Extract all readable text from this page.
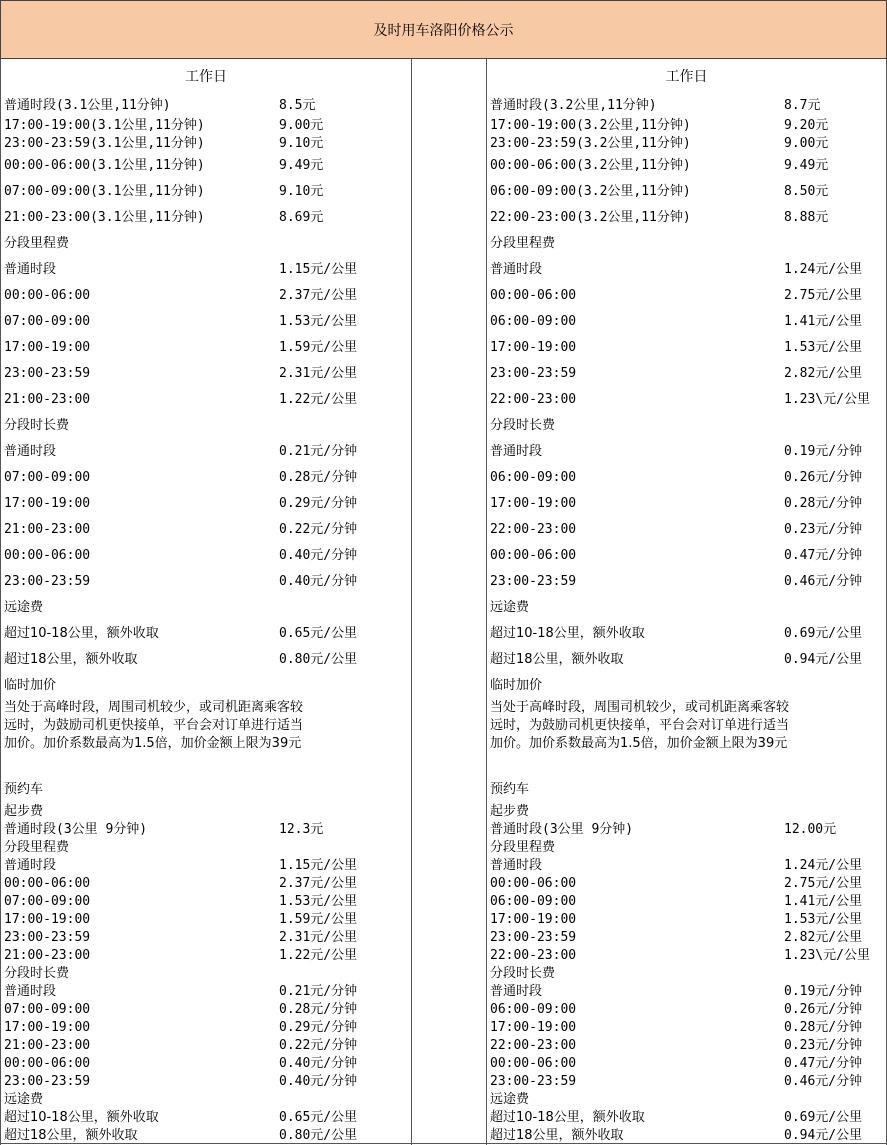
及时用车洛阳价格公示
工作日
普通时段(3.1公里,11分钟)	8.5元
17:00-19:00(3.1公里,11分钟)	9.00元
23:00-23:59(3.1公里,11分钟)	9.10元
00:00-06:00(3.1公里,11分钟)	9.49元
07:00-09:00(3.1公里,11分钟)	9.10元
21:00-23:00(3.1公里,11分钟)	8.69元
分段里程费
普通时段	1.15元/公里
00:00-06:00	2.37元/公里
07:00-09:00	1.53元/公里
17:00-19:00	1.59元/公里
23:00-23:59	2.31元/公里
21:00-23:00	1.22元/公里
分段时长费
普通时段	0.21元/分钟
07:00-09:00	0.28元/分钟
17:00-19:00	0.29元/分钟
21:00-23:00	0.22元/分钟
00:00-06:00	0.40元/分钟
23:00-23:59	0.40元/分钟
远途费
超过10-18公里，额外收取	0.65元/公里
超过18公里，额外收取	0.80元/公里
临时加价
当处于高峰时段，周围司机较少，或司机距离乘客较
远时，为鼓励司机更快接单，平台会对订单进行适当
加价。加价系数最高为1.5倍，加价金额上限为39元
预约车
起步费
普通时段(3公里 9分钟)	12.3元
分段里程费
普通时段	1.15元/公里
00:00-06:00	2.37元/公里
07:00-09:00	1.53元/公里
17:00-19:00	1.59元/公里
23:00-23:59	2.31元/公里
21:00-23:00	1.22元/公里
分段时长费
普通时段	0.21元/分钟
07:00-09:00	0.28元/分钟
17:00-19:00	0.29元/分钟
21:00-23:00	0.22元/分钟
00:00-06:00	0.40元/分钟
23:00-23:59	0.40元/分钟
远途费
超过10-18公里，额外收取	0.65元/公里
超过18公里，额外收取	0.80元/公里
工作日
普通时段(3.2公里,11分钟)	8.7元
17:00-19:00(3.2公里,11分钟)	9.20元
23:00-23:59(3.2公里,11分钟)	9.00元
00:00-06:00(3.2公里,11分钟)	9.49元
06:00-09:00(3.2公里,11分钟)	8.50元
22:00-23:00(3.2公里,11分钟)	8.88元
分段里程费
普通时段	1.24元/公里
00:00-06:00	2.75元/公里
06:00-09:00	1.41元/公里
17:00-19:00	1.53元/公里
23:00-23:59	2.82元/公里
22:00-23:00	1.23\元/公里
分段时长费
普通时段	0.19元/分钟
06:00-09:00	0.26元/分钟
17:00-19:00	0.28元/分钟
22:00-23:00	0.23元/分钟
00:00-06:00	0.47元/分钟
23:00-23:59	0.46元/分钟
远途费
超过10-18公里，额外收取	0.69元/公里
超过18公里，额外收取	0.94元/公里
临时加价
当处于高峰时段，周围司机较少，或司机距离乘客较
远时，为鼓励司机更快接单，平台会对订单进行适当
加价。加价系数最高为1.5倍，加价金额上限为39元
预约车
起步费
普通时段(3公里 9分钟)	12.00元
分段里程费
普通时段	1.24元/公里
00:00-06:00	2.75元/公里
06:00-09:00	1.41元/公里
17:00-19:00	1.53元/公里
23:00-23:59	2.82元/公里
22:00-23:00	1.23\元/公里
分段时长费
普通时段	0.19元/分钟
06:00-09:00	0.26元/分钟
17:00-19:00	0.28元/分钟
22:00-23:00	0.23元/分钟
00:00-06:00	0.47元/分钟
23:00-23:59	0.46元/分钟
远途费
超过10-18公里，额外收取	0.69元/公里
超过18公里，额外收取	0.94元/公里
